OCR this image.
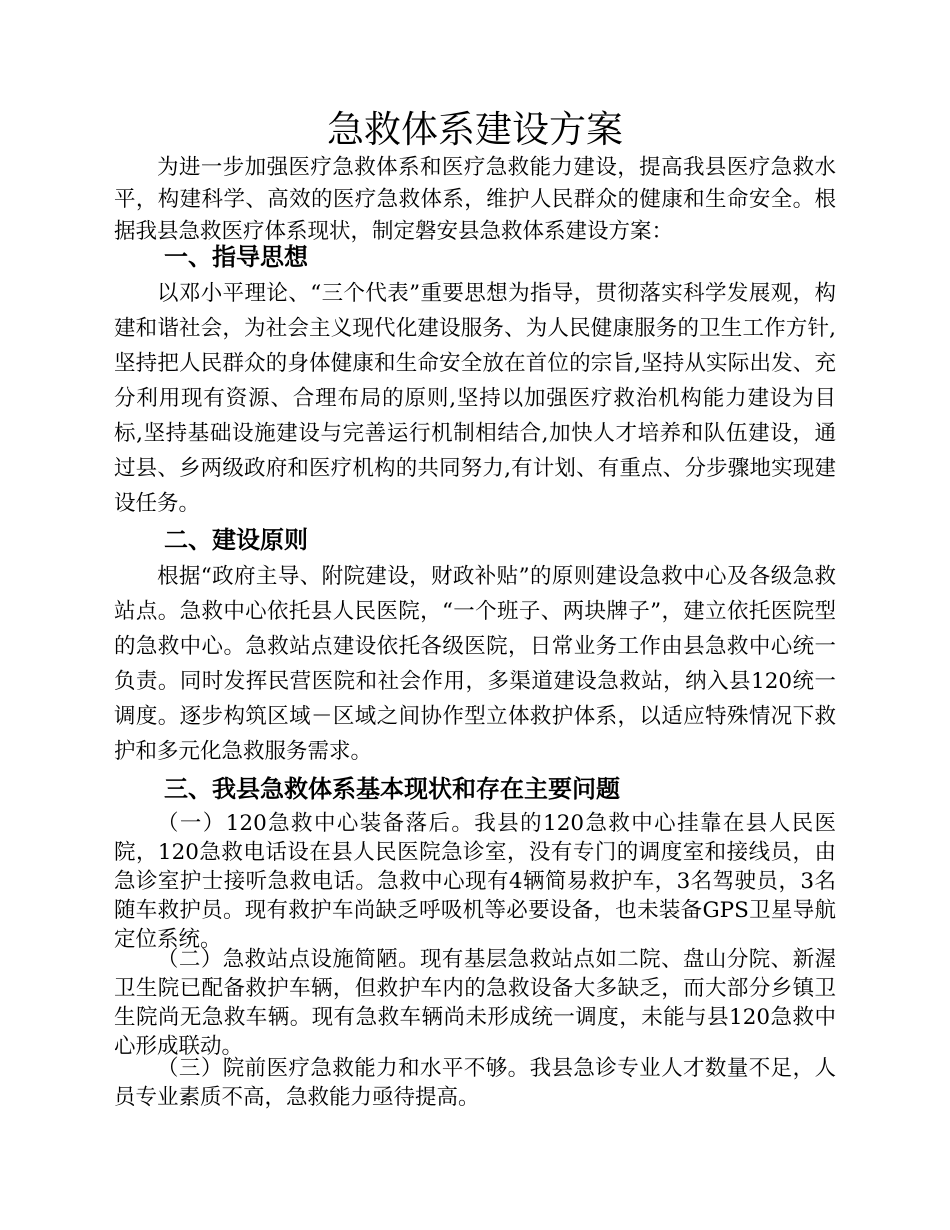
急救体系建设方案
为进一步加强医疗急救体系和医疗急救能力建设，提高我县医疗急救水平，构建科学、高效的医疗急救体系，维护人民群众的健康和生命安全。根据我县急救医疗体系现状，制定磐安县急救体系建设方案：
一、指导思想
以邓小平理论、“三个代表”重要思想为指导，贯彻落实科学发展观，构建和谐社会，为社会主义现代化建设服务、为人民健康服务的卫生工作方针,坚持把人民群众的身体健康和生命安全放在首位的宗旨,坚持从实际出发、充分利用现有资源、合理布局的原则,坚持以加强医疗救治机构能力建设为目标,坚持基础设施建设与完善运行机制相结合,加快人才培养和队伍建设，通过县、乡两级政府和医疗机构的共同努力,有计划、有重点、分步骤地实现建设任务。
二、建设原则
根据“政府主导、附院建设，财政补贴”的原则建设急救中心及各级急救站点。急救中心依托县人民医院，“一个班子、两块牌子”，建立依托医院型的急救中心。急救站点建设依托各级医院，日常业务工作由县急救中心统一负责。同时发挥民营医院和社会作用，多渠道建设急救站，纳入县120统一调度。逐步构筑区域－区域之间协作型立体救护体系，以适应特殊情况下救护和多元化急救服务需求。
三、我县急救体系基本现状和存在主要问题
（一）120急救中心装备落后。我县的120急救中心挂靠在县人民医院，120急救电话设在县人民医院急诊室，没有专门的调度室和接线员，由急诊室护士接听急救电话。急救中心现有4辆简易救护车，3名驾驶员，3名随车救护员。现有救护车尚缺乏呼吸机等必要设备，也未装备GPS卫星导航定位系统。
（二）急救站点设施简陋。现有基层急救站点如二院、盘山分院、新渥卫生院已配备救护车辆，但救护车内的急救设备大多缺乏，而大部分乡镇卫生院尚无急救车辆。现有急救车辆尚未形成统一调度，未能与县120急救中心形成联动。
（三）院前医疗急救能力和水平不够。我县急诊专业人才数量不足，人员专业素质不高，急救能力亟待提高。
